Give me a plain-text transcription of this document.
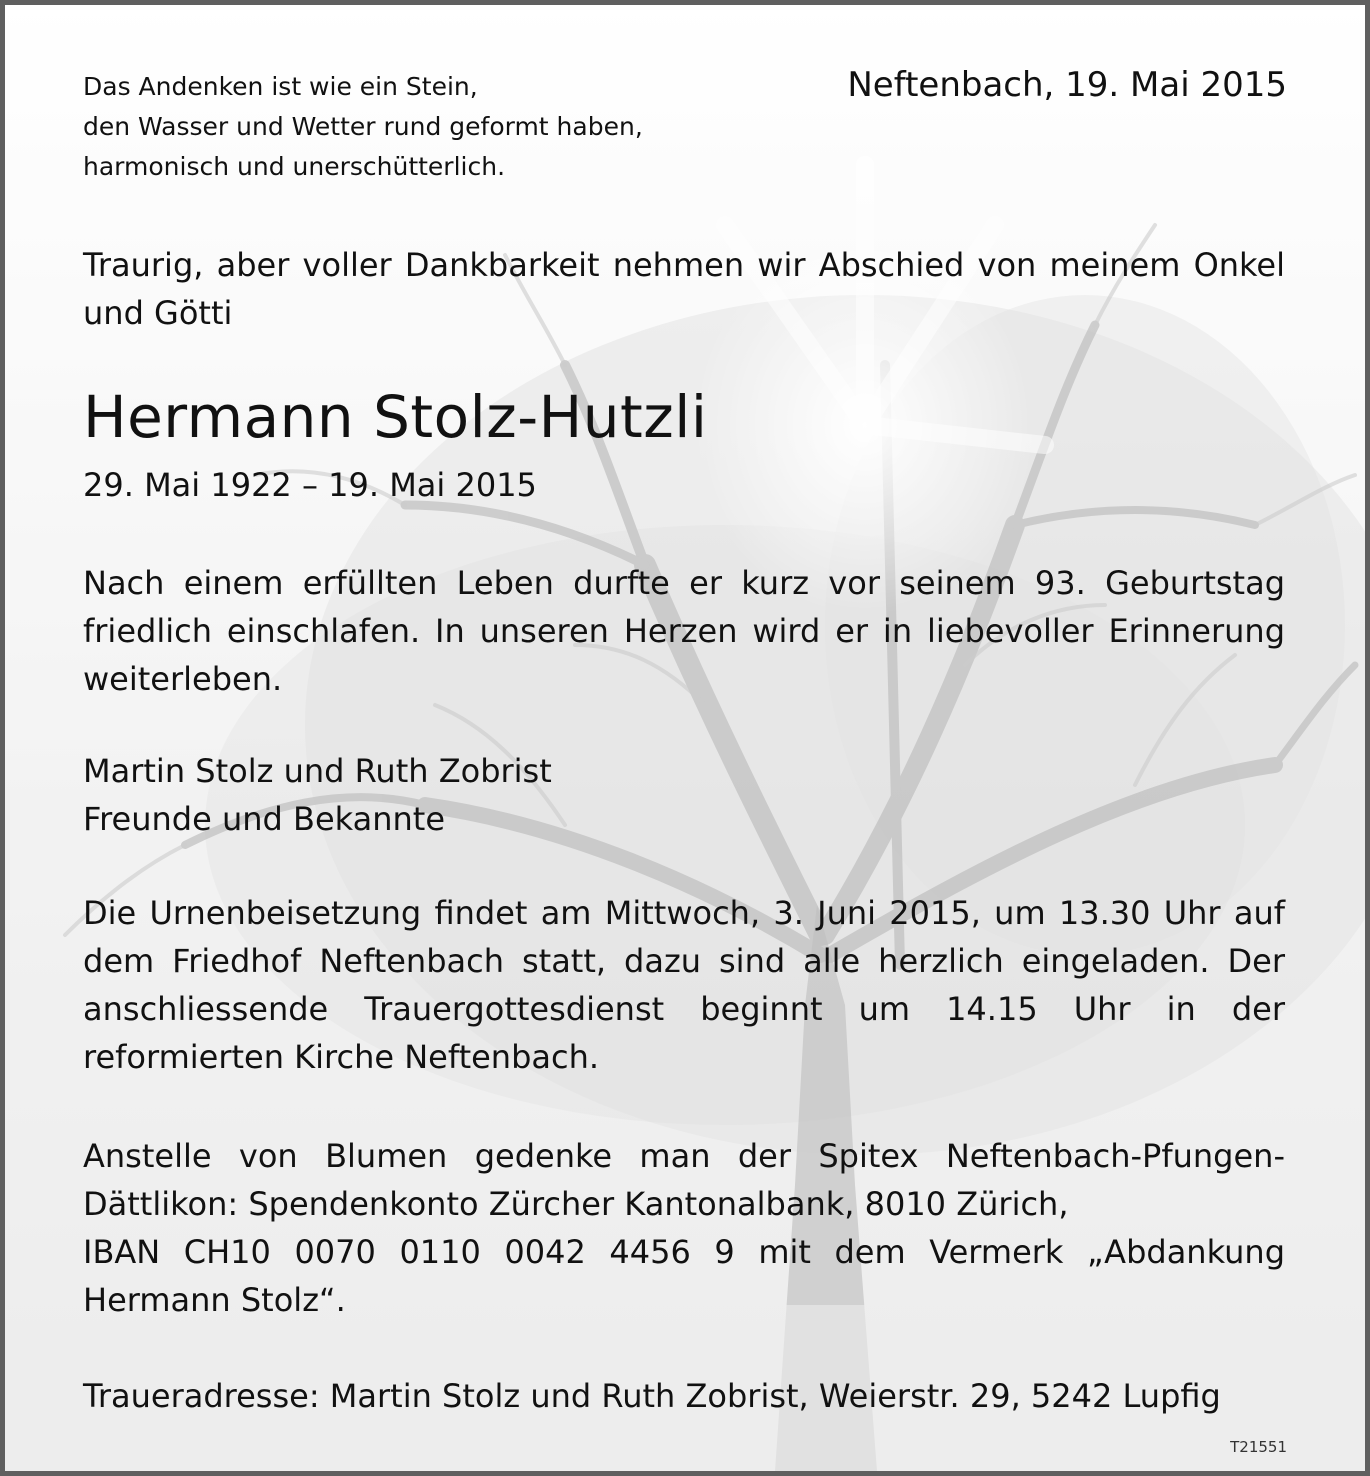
Das Andenken ist wie ein Stein,
den Wasser und Wetter rund geformt haben,
harmonisch und unerschütterlich.

Neftenbach, 19. Mai 2015

Traurig, aber voller Dankbarkeit nehmen wir Abschied von meinem Onkel und Götti

Hermann Stolz-Hutzli

29. Mai 1922 – 19. Mai 2015

Nach einem erfüllten Leben durfte er kurz vor seinem 93. Geburtstag friedlich einschlafen. In unseren Herzen wird er in liebevoller Erinnerung weiterleben.

Martin Stolz und Ruth Zobrist
Freunde und Bekannte

Die Urnenbeisetzung findet am Mittwoch, 3. Juni 2015, um 13.30 Uhr auf dem Friedhof Neftenbach statt, dazu sind alle herzlich eingeladen. Der anschliessende Trauergottesdienst beginnt um 14.15 Uhr in der reformierten Kirche Neftenbach.

Anstelle von Blumen gedenke man der Spitex Neftenbach-Pfungen-Dättlikon: Spendenkonto Zürcher Kantonalbank, 8010 Zürich,
IBAN CH10 0070 0110 0042 4456 9 mit dem Vermerk „Abdankung Hermann Stolz“.

Traueradresse: Martin Stolz und Ruth Zobrist, Weierstr. 29, 5242 Lupfig

T21551
